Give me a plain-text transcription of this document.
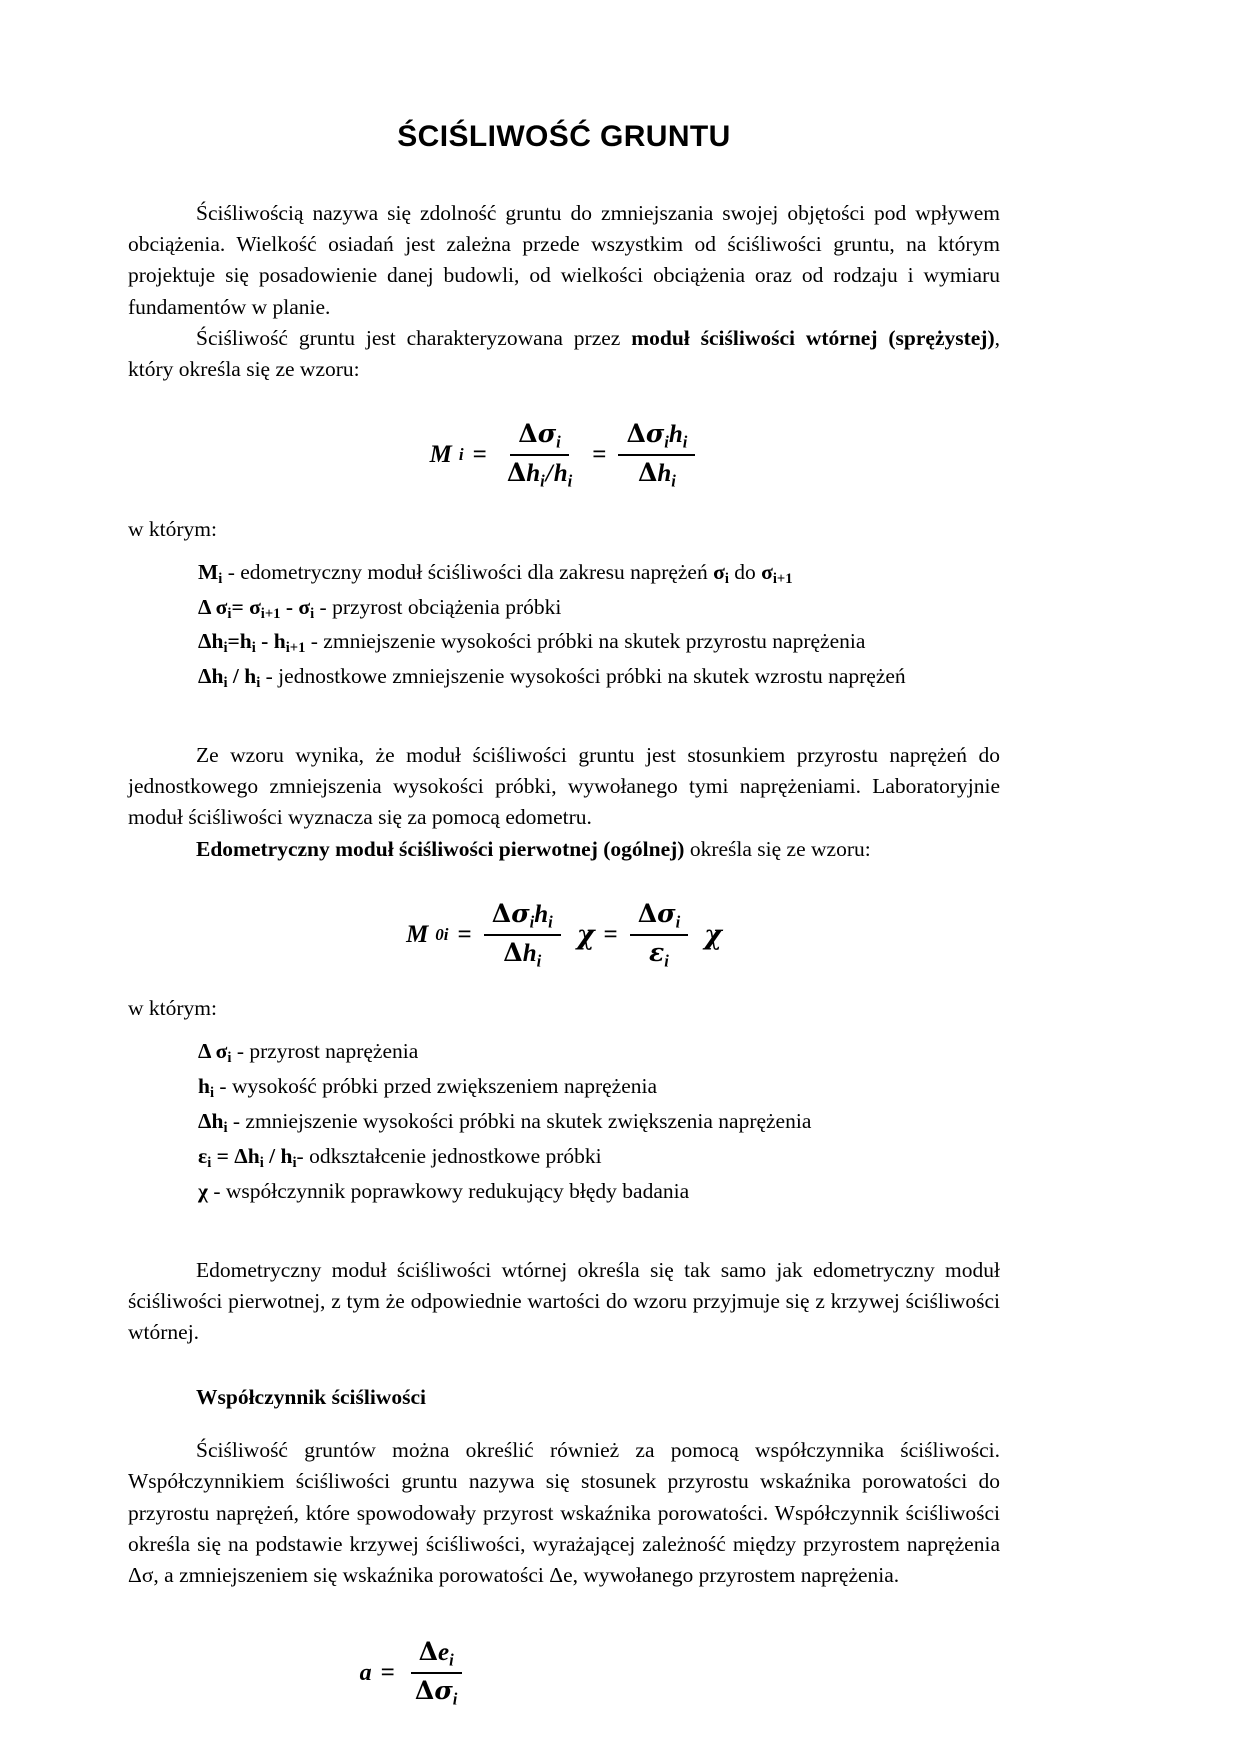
ŚCIŚLIWOŚĆ GRUNTU

Ściśliwością nazywa się zdolność gruntu do zmniejszania swojej objętości pod wpływem obciążenia. Wielkość osiadań jest zależna przede wszystkim od ściśliwości gruntu, na którym projektuje się posadowienie danej budowli, od wielkości obciążenia oraz od rodzaju i wymiaru fundamentów w planie.

Ściśliwość gruntu jest charakteryzowana przez moduł ściśliwości wtórnej (sprężystej), który określa się ze wzoru:

M $i = \frac{\Delta\sigma_i}{\Delta h_i/h_i} = \frac{\Delta\sigma_ih_i}{\Delta h_i}$

w którym:

$M_i$ - edometryczny moduł ściśliwości dla zakresu naprężeń $\sigma_i$ do $\sigma_{i+1}$
Δ $\sigma_i= \sigma_{i+1} - \sigma_i$ - przyrost obciążenia próbki
$\Delta h_i=h_i - h_{i+1}$ - zmniejszenie wysokości próbki na skutek przyrostu naprężenia
$\Delta h_i / h_i$ - jednostkowe zmniejszenie wysokości próbki na skutek wzrostu naprężeń

Ze wzoru wynika, że moduł ściśliwości gruntu jest stosunkiem przyrostu naprężeń do jednostkowego zmniejszenia wysokości próbki, wywołanego tymi naprężeniami. Laboratoryjnie moduł ściśliwości wyznacza się za pomocą edometru.

Edometryczny moduł ściśliwości pierwotnej (ogólnej) określa się ze wzoru:

M $0i = \frac{\Delta\sigma_ih_i}{\Delta h_i}$ $\chi = \frac{\Delta\sigma_i}{\varepsilon_i}$ χ

w którym:

Δ $\sigma_i$ - przyrost naprężenia
$h_i$ - wysokość próbki przed zwiększeniem naprężenia
$\Delta h_i$ - zmniejszenie wysokości próbki na skutek zwiększenia naprężenia
$\varepsilon_i = \Delta h_i / h_i-$ odkształcenie jednostkowe próbki
χ - współczynnik poprawkowy redukujący błędy badania

Edometryczny moduł ściśliwości wtórnej określa się tak samo jak edometryczny moduł ściśliwości pierwotnej, z tym że odpowiednie wartości do wzoru przyjmuje się z krzywej ściśliwości wtórnej.

Współczynnik ściśliwości

Ściśliwość gruntów można określić również za pomocą współczynnika ściśliwości. Współczynnikiem ściśliwości gruntu nazywa się stosunek przyrostu wskaźnika porowatości do przyrostu naprężeń, które spowodowały przyrost wskaźnika porowatości. Współczynnik ściśliwości określa się na podstawie krzywej ściśliwości, wyrażającej zależność między przyrostem naprężenia Δσ, a zmniejszeniem się wskaźnika porowatości Δe, wywołanego przyrostem naprężenia.

$a = \frac{\Delta e_i}{\Delta\sigma_i}$
